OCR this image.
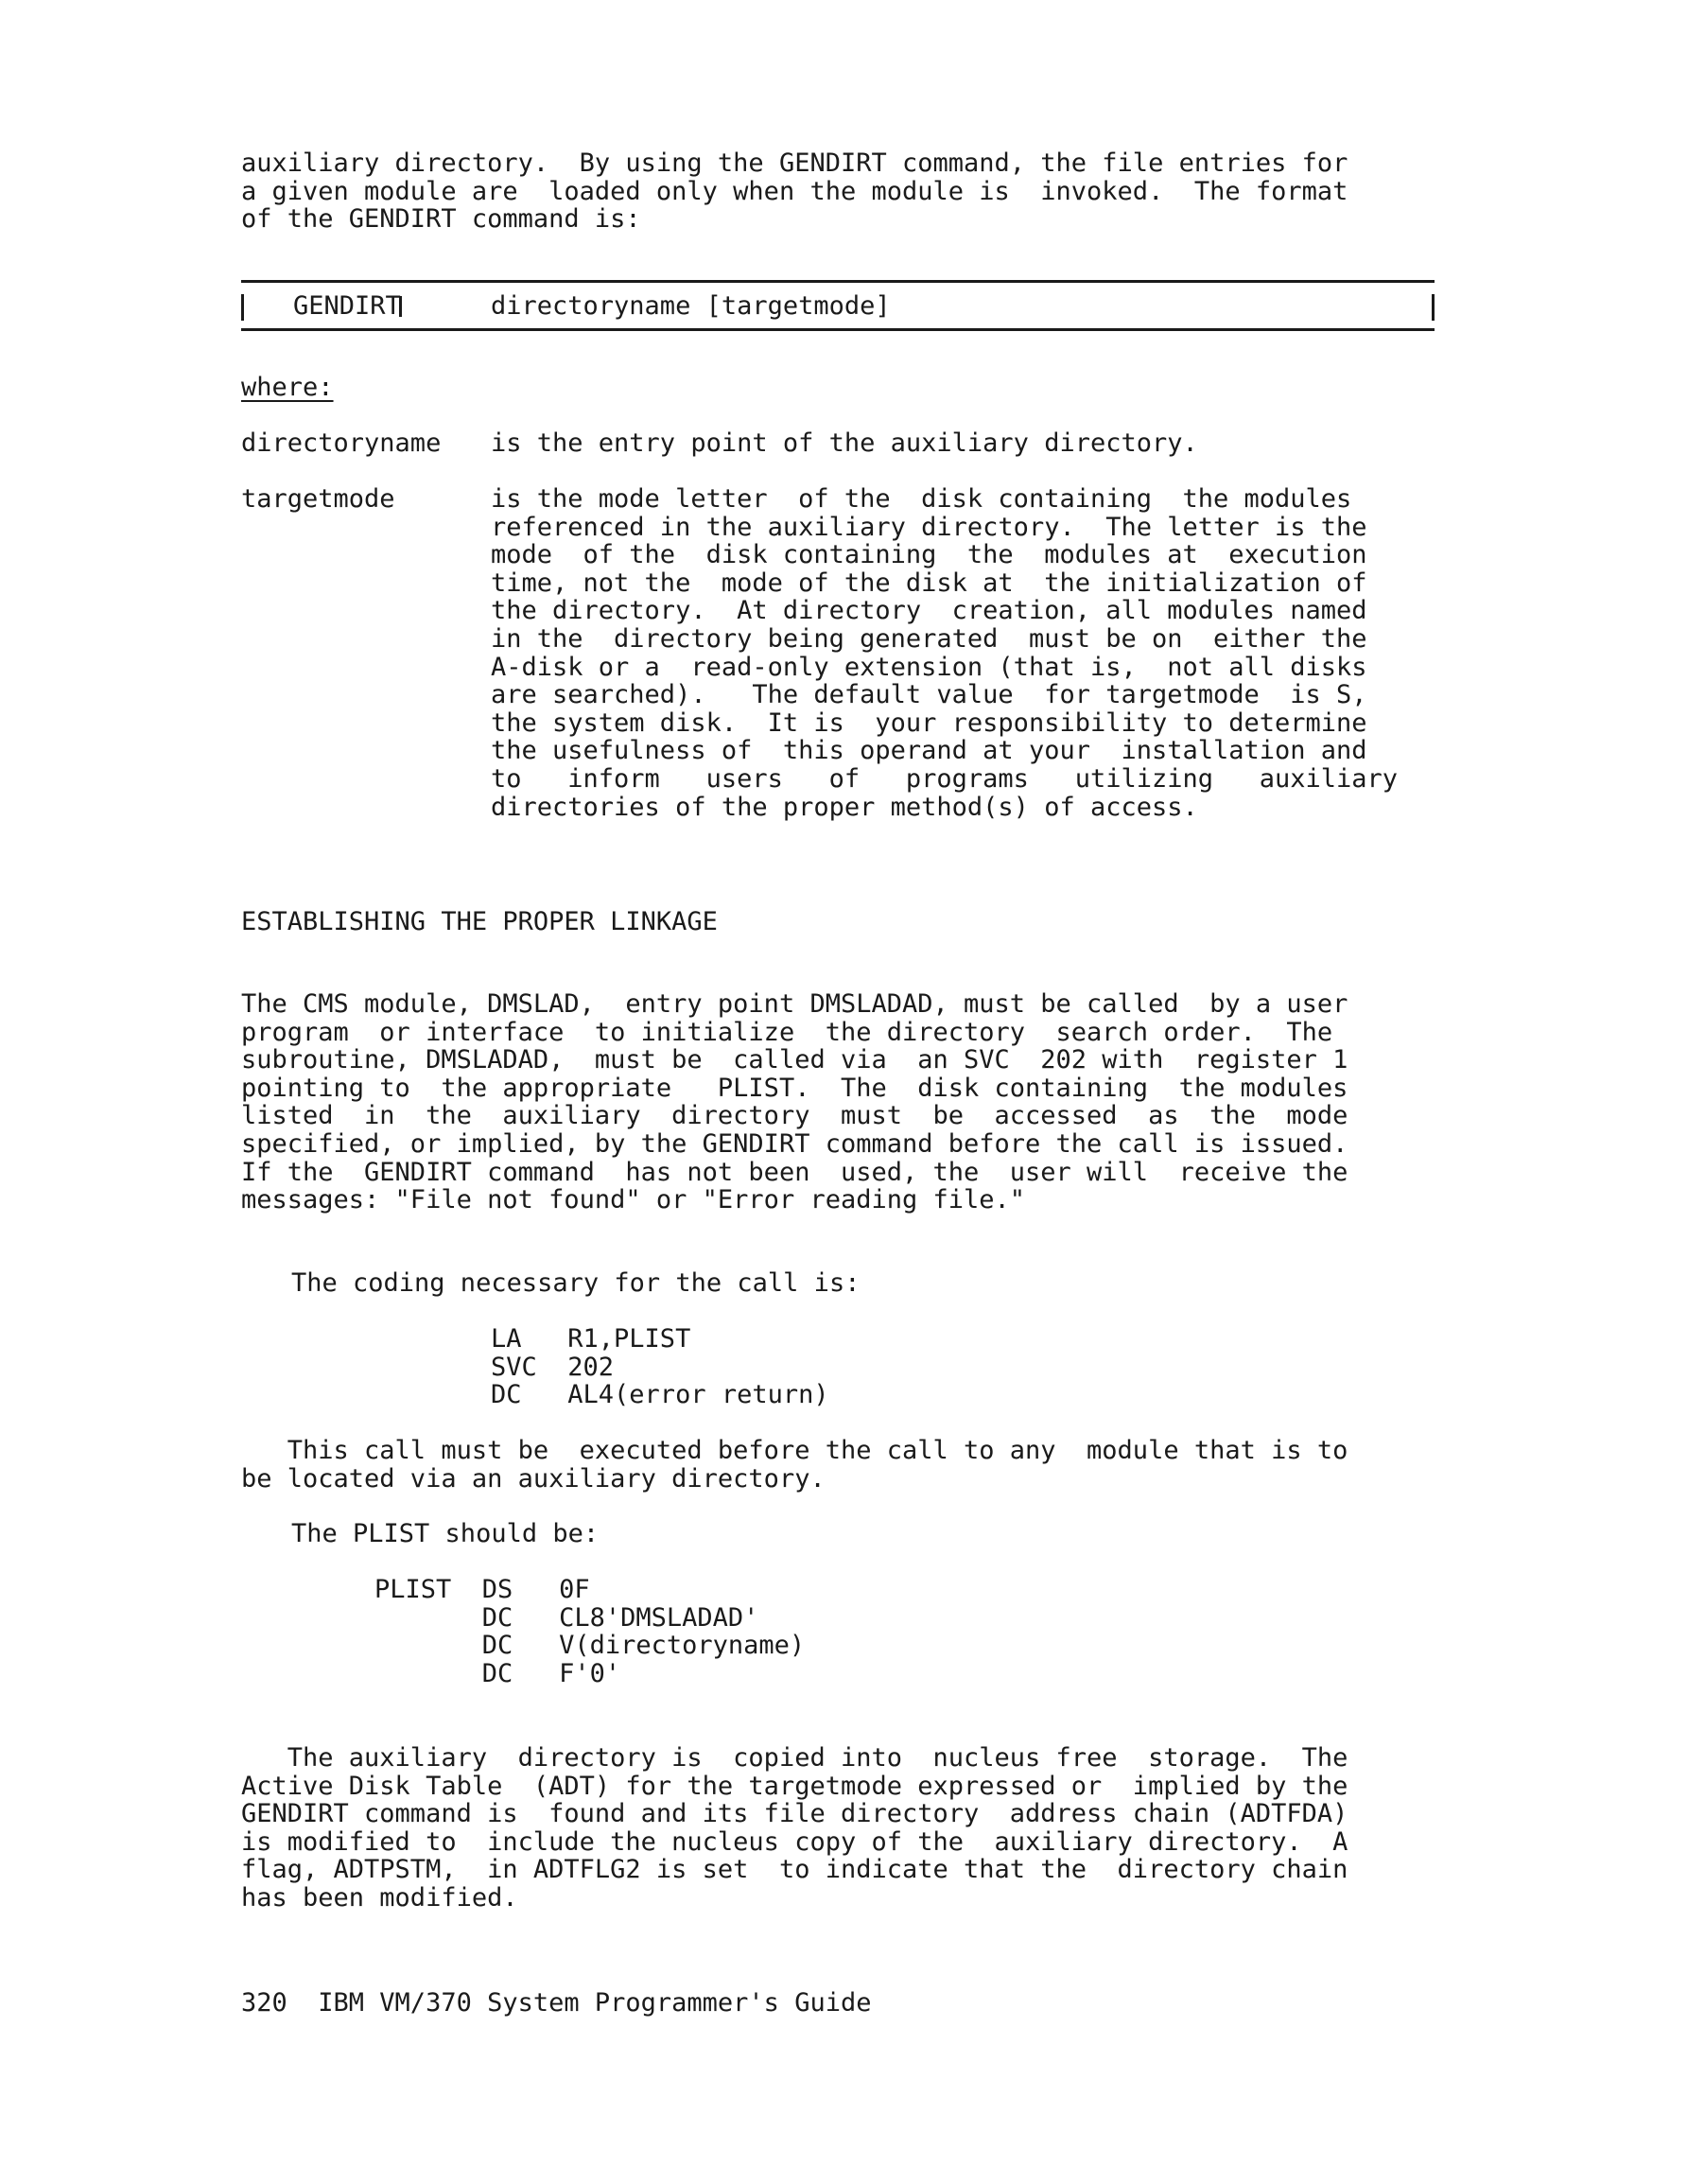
auxiliary directory.  By using the GENDIRT command, the file entries for
a given module are  loaded only when the module is  invoked.  The format
of the GENDIRT command is:
GENDIRT	directoryname [targetmode]
where:
directoryname is the entry point of the auxiliary directory.
targetmode	is the mode letter  of the  disk containing  the modules
referenced in the auxiliary directory.  The letter is the
mode  of the  disk containing  the  modules at  execution
time, not the  mode of the disk at  the initialization of
the directory.  At directory  creation, all modules named
in the  directory being generated  must be on  either the
A-disk or a  read-only extension (that is,  not all disks
are searched).   The default value  for targetmode  is S,
the system disk.  It is  your responsibility to determine
the usefulness of  this operand at your  installation and
to   inform   users   of   programs   utilizing   auxiliary
directories of the proper method(s) of access.
ESTABLISHING THE PROPER LINKAGE
The CMS module, DMSLAD,  entry point DMSLADAD, must be called  by a user
program  or interface  to initialize  the directory  search order.  The
subroutine, DMSLADAD,  must be  called via  an SVC  202 with  register 1
pointing to  the appropriate   PLIST.  The  disk containing  the modules
listed  in  the  auxiliary  directory  must  be  accessed  as  the  mode
specified, or implied, by the GENDIRT command before the call is issued.
If the  GENDIRT command  has not been  used, the  user will  receive the
messages: "File not found" or "Error reading file."
The coding necessary for the call is:
LA   R1,PLIST
SVC  202
DC   AL4(error return)
This call must be  executed before the call to any  module that is to
be located via an auxiliary directory.
The PLIST should be:
PLIST  DS   0F
DC   CL8'DMSLADAD'
DC   V(directoryname)
DC   F'0'
The auxiliary  directory is  copied into  nucleus free  storage.  The
Active Disk Table  (ADT) for the targetmode expressed or  implied by the
GENDIRT command is  found and its file directory  address chain (ADTFDA)
is modified to  include the nucleus copy of the  auxiliary directory.  A
flag, ADTPSTM,  in ADTFLG2 is set  to indicate that the  directory chain
has been modified.
320  IBM VM/370 System Programmer's Guide
